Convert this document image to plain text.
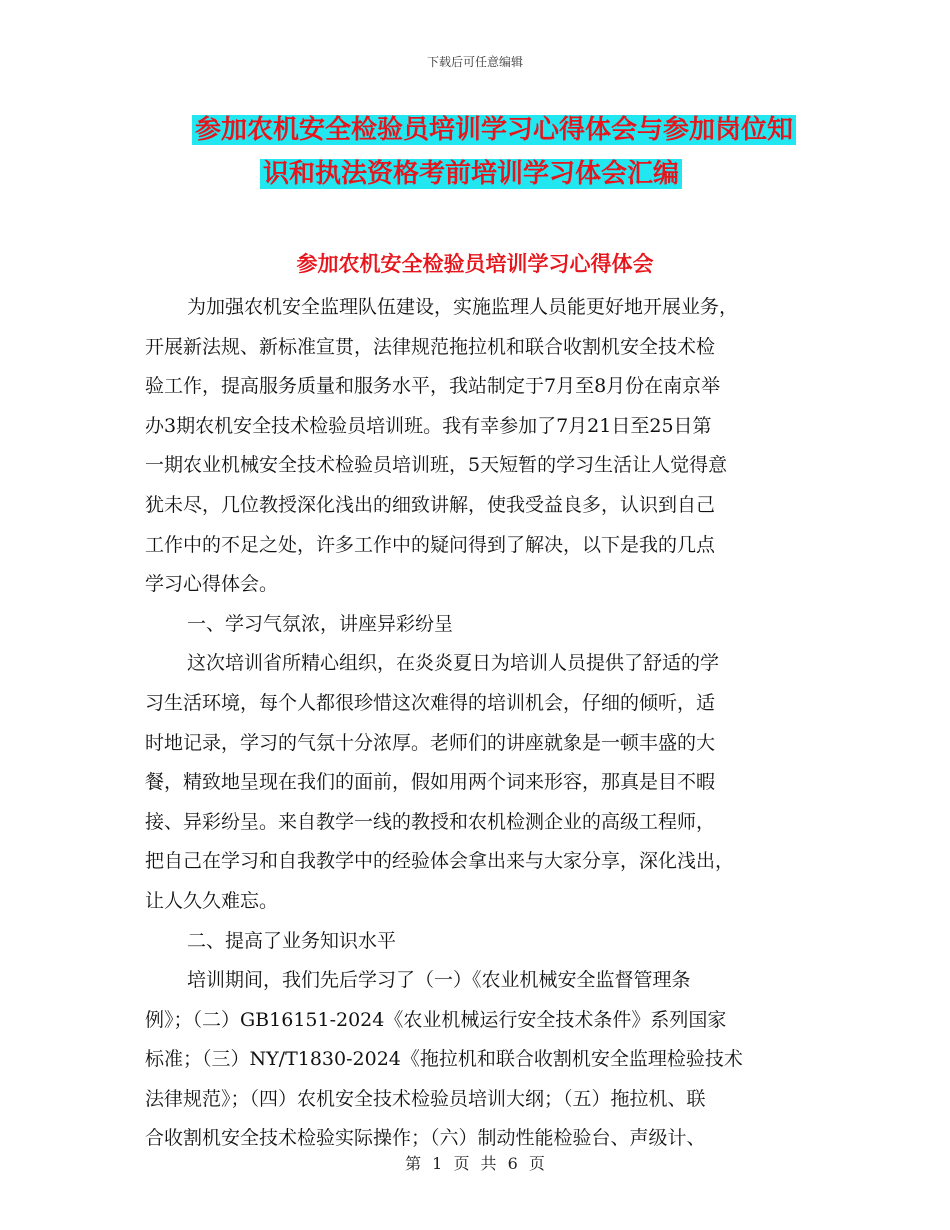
下载后可任意编辑
参加农机安全检验员培训学习心得体会与参加岗位知
识和执法资格考前培训学习体会汇编
参加农机安全检验员培训学习心得体会
为加强农机安全监理队伍建设，实施监理人员能更好地开展业务，
开展新法规、新标准宣贯，法律规范拖拉机和联合收割机安全技术检
验工作，提高服务质量和服务水平，我站制定于7月至8月份在南京举
办3期农机安全技术检验员培训班。我有幸参加了7月21日至25日第
一期农业机械安全技术检验员培训班，5天短暂的学习生活让人觉得意
犹未尽，几位教授深化浅出的细致讲解，使我受益良多，认识到自己
工作中的不足之处，许多工作中的疑问得到了解决，以下是我的几点
学习心得体会。
一、学习气氛浓，讲座异彩纷呈
这次培训省所精心组织，在炎炎夏日为培训人员提供了舒适的学
习生活环境，每个人都很珍惜这次难得的培训机会，仔细的倾听，适
时地记录，学习的气氛十分浓厚。老师们的讲座就象是一顿丰盛的大
餐，精致地呈现在我们的面前，假如用两个词来形容，那真是目不暇
接、异彩纷呈。来自教学一线的教授和农机检测企业的高级工程师，
把自己在学习和自我教学中的经验体会拿出来与大家分享，深化浅出，
让人久久难忘。
二、提高了业务知识水平
培训期间，我们先后学习了（一）《农业机械安全监督管理条
例》；（二）GB16151-2024《农业机械运行安全技术条件》系列国家
标准；（三）NY/T1830-2024《拖拉机和联合收割机安全监理检验技术
法律规范》；（四）农机安全技术检验员培训大纲；（五）拖拉机、联
合收割机安全技术检验实际操作；（六）制动性能检验台、声级计、
第 1 页 共 6 页
